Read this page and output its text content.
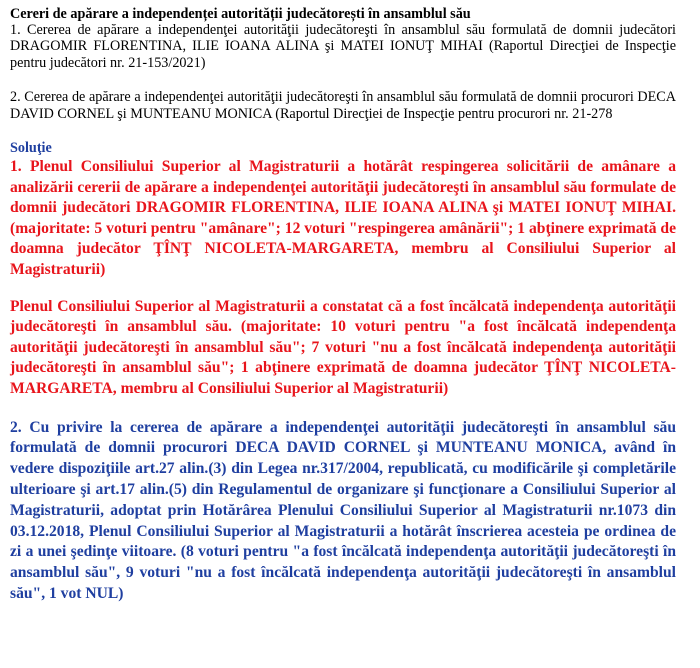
Cereri de apărare a independenței autorității judecătorești în ansamblul său

1. Cererea de apărare a independenţei autorităţii judecătoreşti în ansamblul său formulată de domnii judecători DRAGOMIR FLORENTINA, ILIE IOANA ALINA şi MATEI IONUŢ MIHAI (Raportul Direcţiei de Inspecţie pentru judecători nr. 21-153/2021)

2. Cererea de apărare a independenţei autorităţii judecătoreşti în ansamblul său formulată de domnii procurori DECA DAVID CORNEL şi MUNTEANU MONICA (Raportul Direcţiei de Inspecţie pentru procurori nr. 21-278

Soluţie

1. Plenul Consiliului Superior al Magistraturii a hotărât respingerea solicitării de amânare a analizării cererii de apărare a independenţei autorităţii judecătoreşti în ansamblul său formulate de domnii judecători DRAGOMIR FLORENTINA, ILIE IOANA ALINA şi MATEI IONUŢ MIHAI. (majoritate: 5 voturi pentru "amânare"; 12 voturi "respingerea amânării"; 1 abţinere exprimată de doamna judecător ŢÎNŢ NICOLETA-MARGARETA, membru al Consiliului Superior al Magistraturii)

Plenul Consiliului Superior al Magistraturii a constatat că a fost încălcată independenţa autorităţii judecătoreşti în ansamblul său. (majoritate: 10 voturi pentru "a fost încălcată independenţa autorităţii judecătoreşti în ansamblul său"; 7 voturi "nu a fost încălcată independenţa autorităţii judecătoreşti în ansamblul său"; 1 abţinere exprimată de doamna judecător ŢÎNŢ NICOLETA-MARGARETA, membru al Consiliului Superior al Magistraturii)

2. Cu privire la cererea de apărare a independenţei autorităţii judecătoreşti în ansamblul său formulată de domnii procurori DECA DAVID CORNEL şi MUNTEANU MONICA, având în vedere dispoziţiile art.27 alin.(3) din Legea nr.317/2004, republicată, cu modificările şi completările ulterioare şi art.17 alin.(5) din Regulamentul de organizare şi funcţionare a Consiliului Superior al Magistraturii, adoptat prin Hotărârea Plenului Consiliului Superior al Magistraturii nr.1073 din 03.12.2018, Plenul Consiliului Superior al Magistraturii a hotărât înscrierea acesteia pe ordinea de zi a unei şedinţe viitoare. (8 voturi pentru "a fost încălcată independenţa autorităţii judecătoreşti în ansamblul său", 9 voturi "nu a fost încălcată independenţa autorităţii judecătoreşti în ansamblul său", 1 vot NUL)
